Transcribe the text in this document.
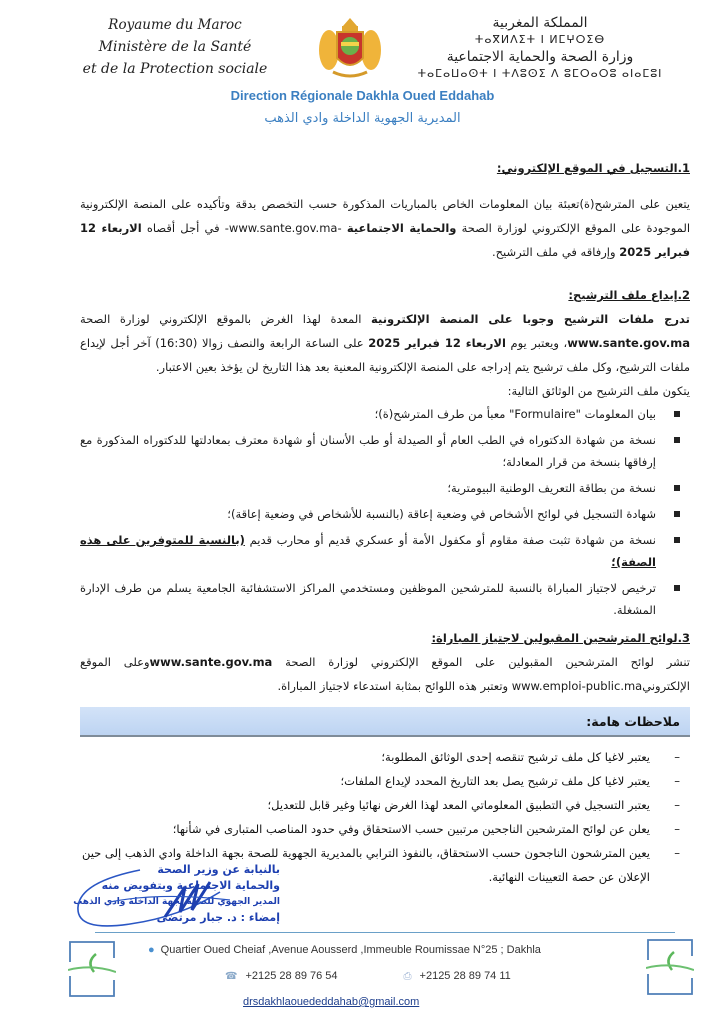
Royaume du Maroc
Ministère de la Santé
et de la Protection sociale
المملكة المغربية
ⵜⴰⴳⵍⴷⵉⵜ ⵏ ⵍⵎⵖⵔⵉⴱ
وزارة الصحة والحماية الاجتماعية
ⵜⴰⵎⴰⵡⴰⵙⵜ ⵏ ⵜⴷⵓⵙⵉ ⴷ ⵓⵎⵔⴰⵔⵓ ⴰⵏⴰⵎⵓⵏ
Direction Régionale Dakhla Oued Eddahab
المديرية الجهوية الداخلة وادي الذهب
1.التسجيل في الموقع الإلكتروني:

يتعين على المترشح(ة)تعبئة بيان المعلومات الخاص بالمباريات المذكورة حسب التخصص بدقة وتأكيده على المنصة الإلكترونية الموجودة على الموقع الإلكتروني لوزارة الصحة والحماية الاجتماعية -www.sante.gov.ma- في أجل أقصاه الاربعاء 12 فبراير 2025 وإرفاقه في ملف الترشيح.

2.إيداع ملف الترشيح:

تدرج ملفات الترشيح وجوبا على المنصة الإلكترونية المعدة لهذا الغرض بالموقع الإلكتروني لوزارة الصحة www.sante.gov.ma، ويعتبر يوم الاربعاء 12 فبراير 2025 على الساعة الرابعة والنصف زوالا (16:30) آخر أجل لإيداع ملفات الترشيح، وكل ملف ترشيح يتم إدراجه على المنصة الإلكترونية المعنية بعد هذا التاريخ لن يؤخذ بعين الاعتبار.

يتكون ملف الترشيح من الوثائق التالية:

بيان المعلومات "Formulaire" معبأ من طرف المترشح(ة)؛
نسخة من شهادة الدكتوراه في الطب العام أو الصيدلة أو طب الأسنان أو شهادة معترف بمعادلتها للدكتوراه المذكورة مع إرفاقها بنسخة من قرار المعادلة؛
نسخة من بطاقة التعريف الوطنية البيومترية؛
شهادة التسجيل في لوائح الأشخاص في وضعية إعاقة (بالنسبة للأشخاص في وضعية إعاقة)؛
نسخة من شهادة تثبت صفة مقاوم أو مكفول الأمة أو عسكري قديم أو محارب قديم (بالنسبة للمتوفرين على هذه الصفة)؛
ترخيص لاجتياز المباراة بالنسبة للمترشحين الموظفين ومستخدمي المراكز الاستشفائية الجامعية يسلم من طرف الإدارة المشغلة.
3.لوائح المترشحين المقبولين لاجتياز المباراة:

تنشر لوائح المترشحين المقبولين على الموقع الإلكتروني لوزارة الصحة www.sante.gov.maوعلى الموقع الإلكترونيwww.emploi-public.ma وتعتبر هذه اللوائح بمثابة استدعاء لاجتياز المباراة.

ملاحظات هامة:
–
يعتبر لاغيا كل ملف ترشيح تنقصه إحدى الوثائق المطلوبة؛
–
يعتبر لاغيا كل ملف ترشيح يصل بعد التاريخ المحدد لإيداع الملفات؛
–
يعتبر التسجيل في التطبيق المعلوماتي المعد لهذا الغرض نهائيا وغير قابل للتعديل؛
–
يعلن عن لوائح المترشحين الناجحين مرتبين حسب الاستحقاق وفي حدود المناصب المتبارى في شأنها؛
–
يعين المترشحون الناجحون حسب الاستحقاق، بالنفوذ الترابي بالمديرية الجهوية للصحة بجهة الداخلة وادي الذهب إلى حين الإعلان عن حصة التعيينات النهائية.
بالنيابة عن وزير الصحة
والحماية الاجتماعية وبتفويض منه
المدير الجهوي للصحة بجهة الداخلة وادي الذهب
إمضاء : د. جبار مرتضى
● Quartier Oued Cheiaf ,Avenue Aousserd ,Immeuble Roumissae N°25 ; Dakhla
☎ +2125 28 89 76 54	⎙ +2125 28 89 74 11
drsdakhlaouededdahab@gmail.com
